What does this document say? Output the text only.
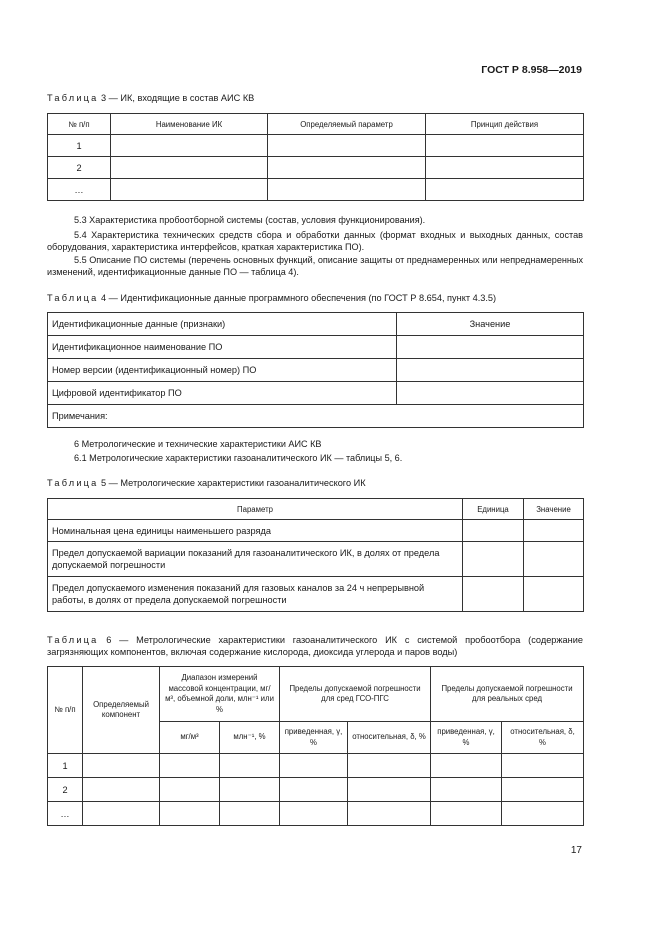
ГОСТ Р 8.958—2019
Таблица 3 — ИК, входящие в состав АИС КВ
№ п/п	Наименование ИК	Определяемый параметр	Принцип действия
1			
2			
…			
5.3 Характеристика пробоотборной системы (состав, условия функционирования).
5.4 Характеристика технических средств сбора и обработки данных (формат входных и выходных данных, состав оборудования, характеристика интерфейсов, краткая характеристика ПО).
5.5 Описание ПО системы (перечень основных функций, описание защиты от преднамеренных или непреднамеренных изменений, идентификационные данные ПО — таблица 4).
Таблица 4 — Идентификационные данные программного обеспечения (по ГОСТ Р 8.654, пункт 4.3.5)
Идентификационные данные (признаки)	Значение
Идентификационное наименование ПО	
Номер версии (идентификационный номер) ПО	
Цифровой идентификатор ПО	
Примечания:	
6 Метрологические и технические характеристики АИС КВ
6.1 Метрологические характеристики газоаналитического ИК — таблицы 5, 6.
Таблица 5 — Метрологические характеристики газоаналитического ИК
Параметр	Единица	Значение
Номинальная цена единицы наименьшего разряда		
Предел допускаемой вариации показаний для газоаналитического ИК, в долях от предела допускаемой погрешности		
Предел допускаемого изменения показаний для газовых каналов за 24 ч непрерывной работы, в долях от предела допускаемой погрешности		
Таблица 6 — Метрологические характеристики газоаналитического ИК с системой пробоотбора (содержание загрязняющих компонентов, включая содержание кислорода, диоксида углерода и паров воды)
№ п/п	Определяемый компонент	Диапазон измерений массовой концентрации, мг/м³, объемной доли, млн⁻¹ или %		Пределы допускаемой погрешности для сред ГСО-ПГС		Пределы допускаемой погрешности для реальных сред	
		мг/м³	млн⁻¹, %	приведенная, γ, %	относительная, δ, %	приведенная, γ, %	относительная, δ, %
1							
2							
…							
17
